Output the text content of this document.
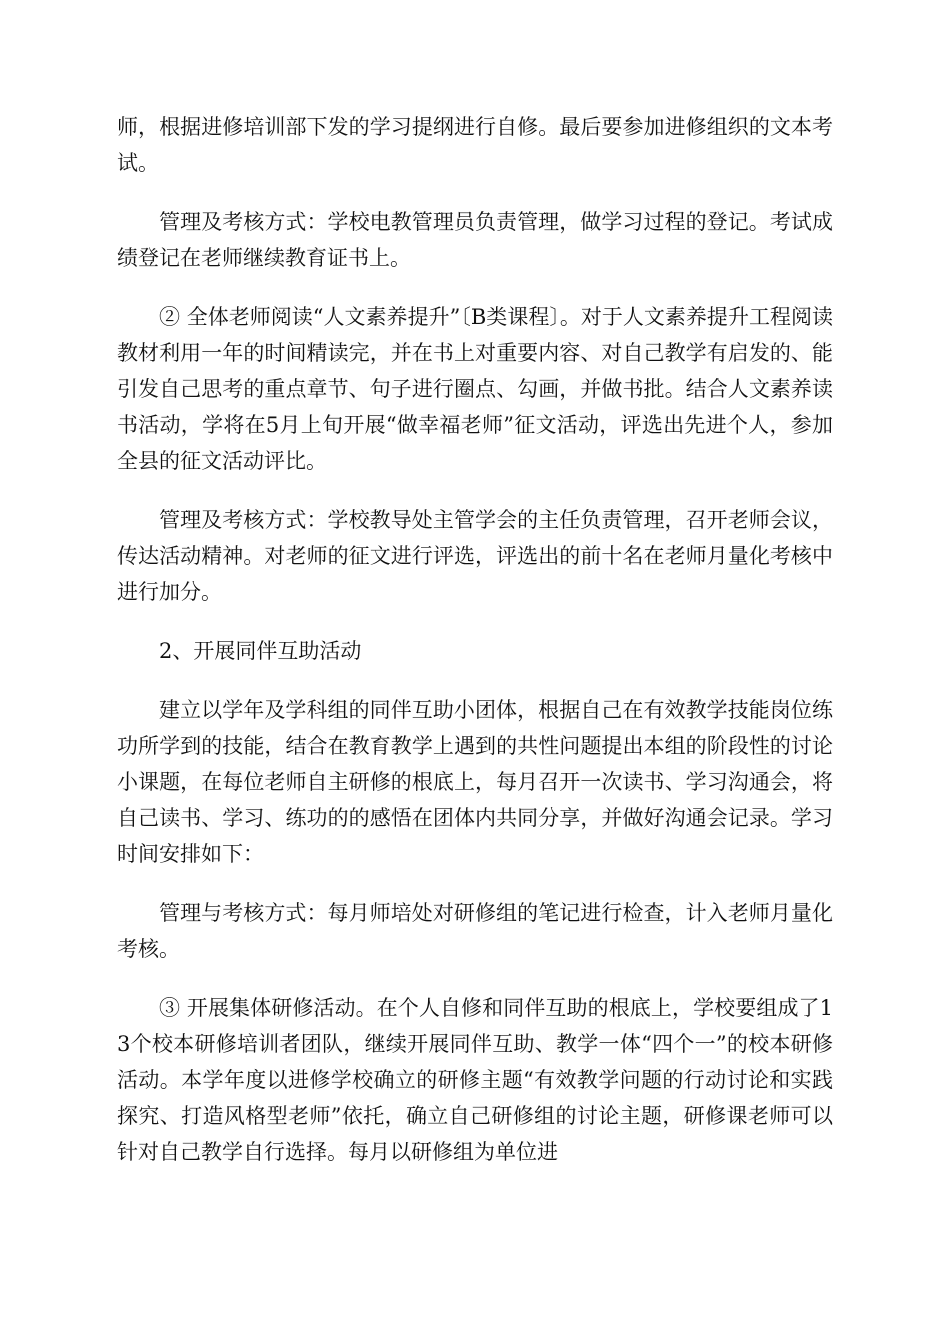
师，根据进修培训部下发的学习提纲进行自修。最后要参加进修组织的文本考试。

管理及考核方式：学校电教管理员负责管理，做学习过程的登记。考试成绩登记在老师继续教育证书上。

② 全体老师阅读“人文素养提升”〔B类课程〕。对于人文素养提升工程阅读教材利用一年的时间精读完，并在书上对重要内容、对自己教学有启发的、能引发自己思考的重点章节、句子进行圈点、勾画，并做书批。结合人文素养读书活动，学将在5月上旬开展“做幸福老师”征文活动，评选出先进个人，参加全县的征文活动评比。

管理及考核方式：学校教导处主管学会的主任负责管理，召开老师会议，传达活动精神。对老师的征文进行评选，评选出的前十名在老师月量化考核中进行加分。

2、开展同伴互助活动

建立以学年及学科组的同伴互助小团体，根据自己在有效教学技能岗位练功所学到的技能，结合在教育教学上遇到的共性问题提出本组的阶段性的讨论小课题，在每位老师自主研修的根底上，每月召开一次读书、学习沟通会，将自己读书、学习、练功的的感悟在团体内共同分享，并做好沟通会记录。学习时间安排如下：

管理与考核方式：每月师培处对研修组的笔记进行检查，计入老师月量化考核。

③ 开展集体研修活动。在个人自修和同伴互助的根底上，学校要组成了13个校本研修培训者团队，继续开展同伴互助、教学一体“四个一”的校本研修活动。本学年度以进修学校确立的研修主题“有效教学问题的行动讨论和实践探究、打造风格型老师”依托，确立自己研修组的讨论主题，研修课老师可以针对自己教学自行选择。每月以研修组为单位进
